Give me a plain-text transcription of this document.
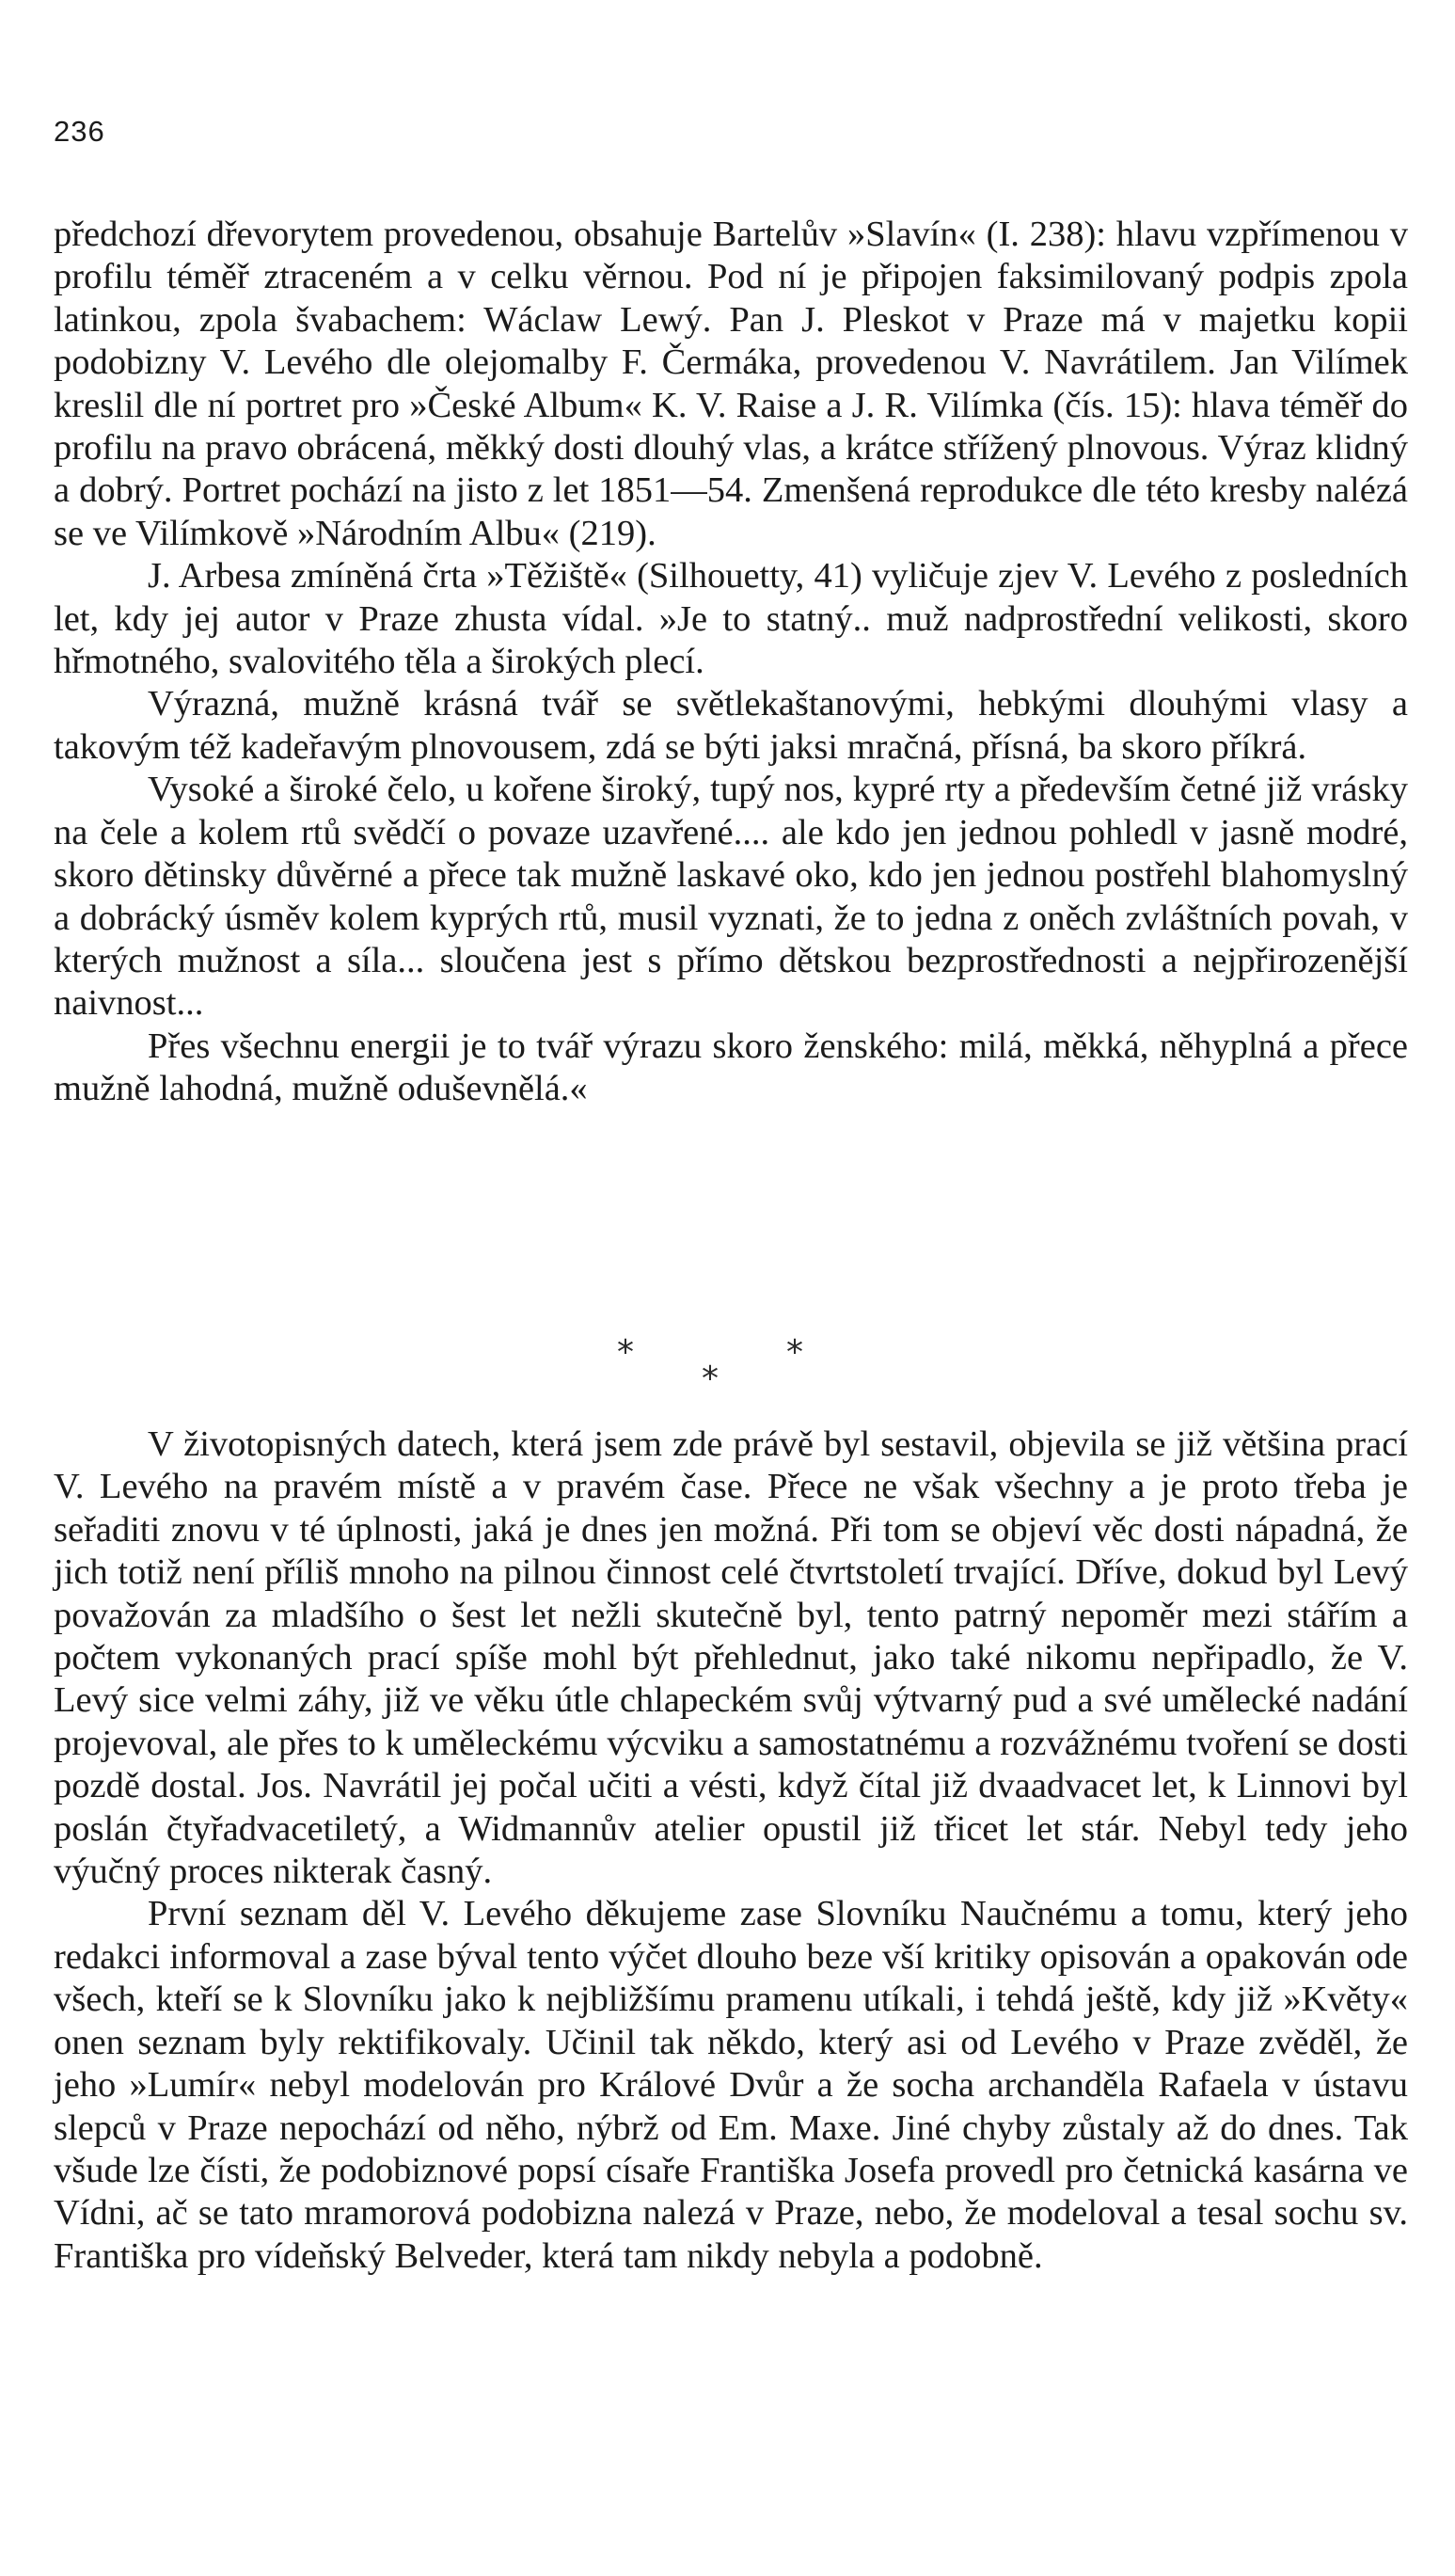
236

předchozí dřevorytem provedenou, obsahuje Bartelův »Slavín« (I. 238): hlavu vzpřímenou v profilu téměř ztraceném a v celku věrnou. Pod ní je připojen faksimilovaný podpis zpola latinkou, zpola švabachem: Wáclaw Lewý. Pan J. Pleskot v Praze má v majetku kopii podobizny V. Levého dle olejomalby F. Čermáka, provedenou V. Navrátilem. Jan Vilímek kreslil dle ní portret pro »České Album« K. V. Raise a J. R. Vilímka (čís. 15): hlava téměř do profilu na pravo obrácená, měkký dosti dlouhý vlas, a krátce střížený plnovous. Výraz klidný a dobrý. Portret pochází na jisto z let 1851—54. Zmenšená reprodukce dle této kresby nalézá se ve Vilímkově »Národním Albu« (219).

J. Arbesa zmíněná črta »Těžiště« (Silhouetty, 41) vyličuje zjev V. Levého z posledních let, kdy jej autor v Praze zhusta vídal. »Je to statný.. muž nadprostřední velikosti, skoro hřmotného, svalovitého těla a širokých plecí.

Výrazná, mužně krásná tvář se světlekaštanovými, hebkými dlouhými vlasy a takovým též kadeřavým plnovousem, zdá se býti jaksi mračná, přísná, ba skoro příkrá.

Vysoké a široké čelo, u kořene široký, tupý nos, kypré rty a především četné již vrásky na čele a kolem rtů svědčí o povaze uzavřené.... ale kdo jen jednou pohledl v jasně modré, skoro dětinsky důvěrné a přece tak mužně laskavé oko, kdo jen jednou postřehl blahomyslný a dobrácký úsměv kolem kyprých rtů, musil vyznati, že to jedna z oněch zvláštních povah, v kterých mužnost a síla... sloučena jest s přímo dětskou bezprostřednosti a nejpřirozenější naivnost...

Přes všechnu energii je to tvář výrazu skoro ženského: milá, měkká, něhyplná a přece mužně lahodná, mužně oduševnělá.«

*	*
*

V životopisných datech, která jsem zde právě byl sestavil, objevila se již většina prací V. Levého na pravém místě a v pravém čase. Přece ne však všechny a je proto třeba je seřaditi znovu v té úplnosti, jaká je dnes jen možná. Při tom se objeví věc dosti nápadná, že jich totiž není příliš mnoho na pilnou činnost celé čtvrtstoletí trvající. Dříve, dokud byl Levý považován za mladšího o šest let nežli skutečně byl, tento patrný nepoměr mezi stářím a počtem vykonaných prací spíše mohl být přehlednut, jako také nikomu nepřipadlo, že V. Levý sice velmi záhy, již ve věku útle chlapeckém svůj výtvarný pud a své umělecké nadání projevoval, ale přes to k uměleckému výcviku a samostatnému a rozvážnému tvoření se dosti pozdě dostal. Jos. Navrátil jej počal učiti a vésti, když čítal již dvaadvacet let, k Linnovi byl poslán čtyřadvacetiletý, a Widmannův atelier opustil již třicet let stár. Nebyl tedy jeho výučný proces nikterak časný.

První seznam děl V. Levého děkujeme zase Slovníku Naučnému a tomu, který jeho redakci informoval a zase býval tento výčet dlouho beze vší kritiky opisován a opakován ode všech, kteří se k Slovníku jako k nejbližšímu pramenu utíkali, i tehdá ještě, kdy již »Květy« onen seznam byly rektifikovaly. Učinil tak někdo, který asi od Levého v Praze zvěděl, že jeho »Lumír« nebyl modelován pro Králové Dvůr a že socha archanděla Rafaela v ústavu slepců v Praze nepochází od něho, nýbrž od Em. Maxe. Jiné chyby zůstaly až do dnes. Tak všude lze čísti, že podobiznové popsí císaře Františka Josefa provedl pro četnická kasárna ve Vídni, ač se tato mramorová podobizna nalezá v Praze, nebo, že modeloval a tesal sochu sv. Františka pro vídeňský Belveder, která tam nikdy nebyla a podobně.
